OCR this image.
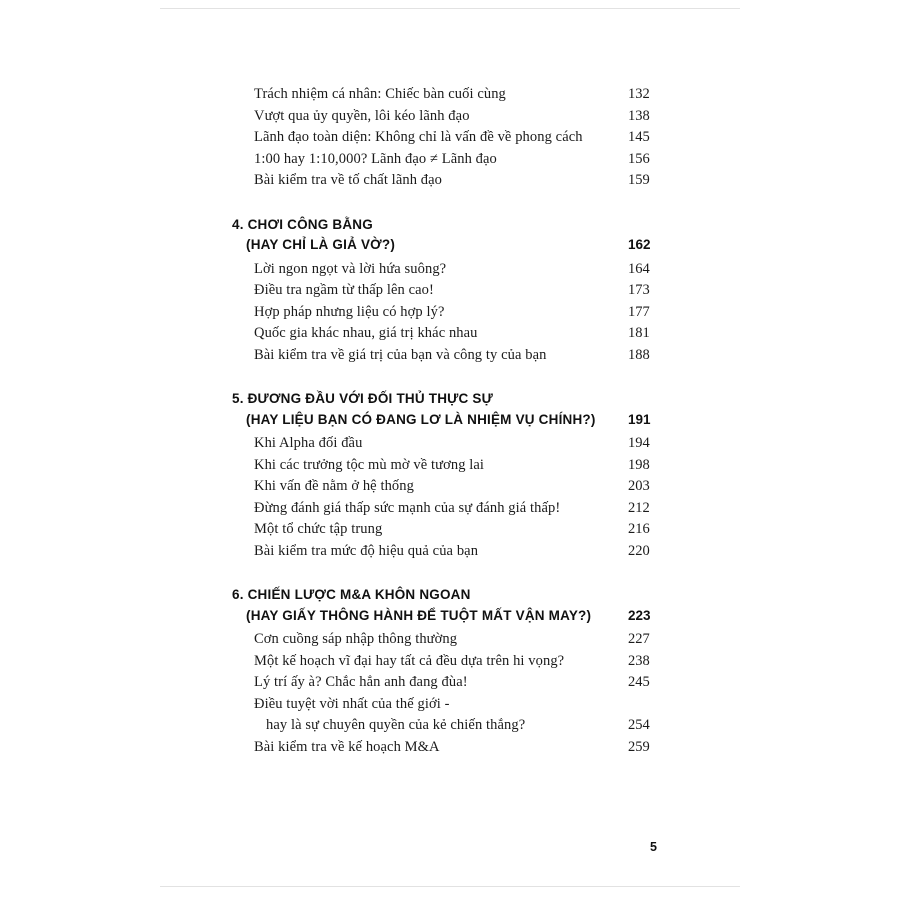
Trách nhiệm cá nhân: Chiếc bàn cuối cùng	132
Vượt qua ủy quyền, lôi kéo lãnh đạo	138
Lãnh đạo toàn diện: Không chỉ là vấn đề về phong cách	145
1:00 hay 1:10,000? Lãnh đạo ≠ Lãnh đạo	156
Bài kiểm tra về tố chất lãnh đạo	159
4. CHƠI CÔNG BẰNG
(HAY CHỈ LÀ GIẢ VỜ?)	162
Lời ngon ngọt và lời hứa suông?	164
Điều tra ngầm từ thấp lên cao!	173
Hợp pháp nhưng liệu có hợp lý?	177
Quốc gia khác nhau, giá trị khác nhau	181
Bài kiểm tra về giá trị của bạn và công ty của bạn	188
5. ĐƯƠNG ĐẦU VỚI ĐỐI THỦ THỰC SỰ
(HAY LIỆU BẠN CÓ ĐANG LƠ LÀ NHIỆM VỤ CHÍNH?)	191
Khi Alpha đối đầu	194
Khi các trưởng tộc mù mờ về tương lai	198
Khi vấn đề nằm ở hệ thống	203
Đừng đánh giá thấp sức mạnh của sự đánh giá thấp!	212
Một tổ chức tập trung	216
Bài kiểm tra mức độ hiệu quả của bạn	220
6. CHIẾN LƯỢC M&A KHÔN NGOAN
(HAY GIẤY THÔNG HÀNH ĐỂ TUỘT MẤT VẬN MAY?)	223
Cơn cuồng sáp nhập thông thường	227
Một kế hoạch vĩ đại hay tất cả đều dựa trên hi vọng?	238
Lý trí ấy à? Chắc hẳn anh đang đùa!	245
Điều tuyệt vời nhất của thế giới -
hay là sự chuyên quyền của kẻ chiến thắng?	254
Bài kiểm tra về kế hoạch M&A	259
5
